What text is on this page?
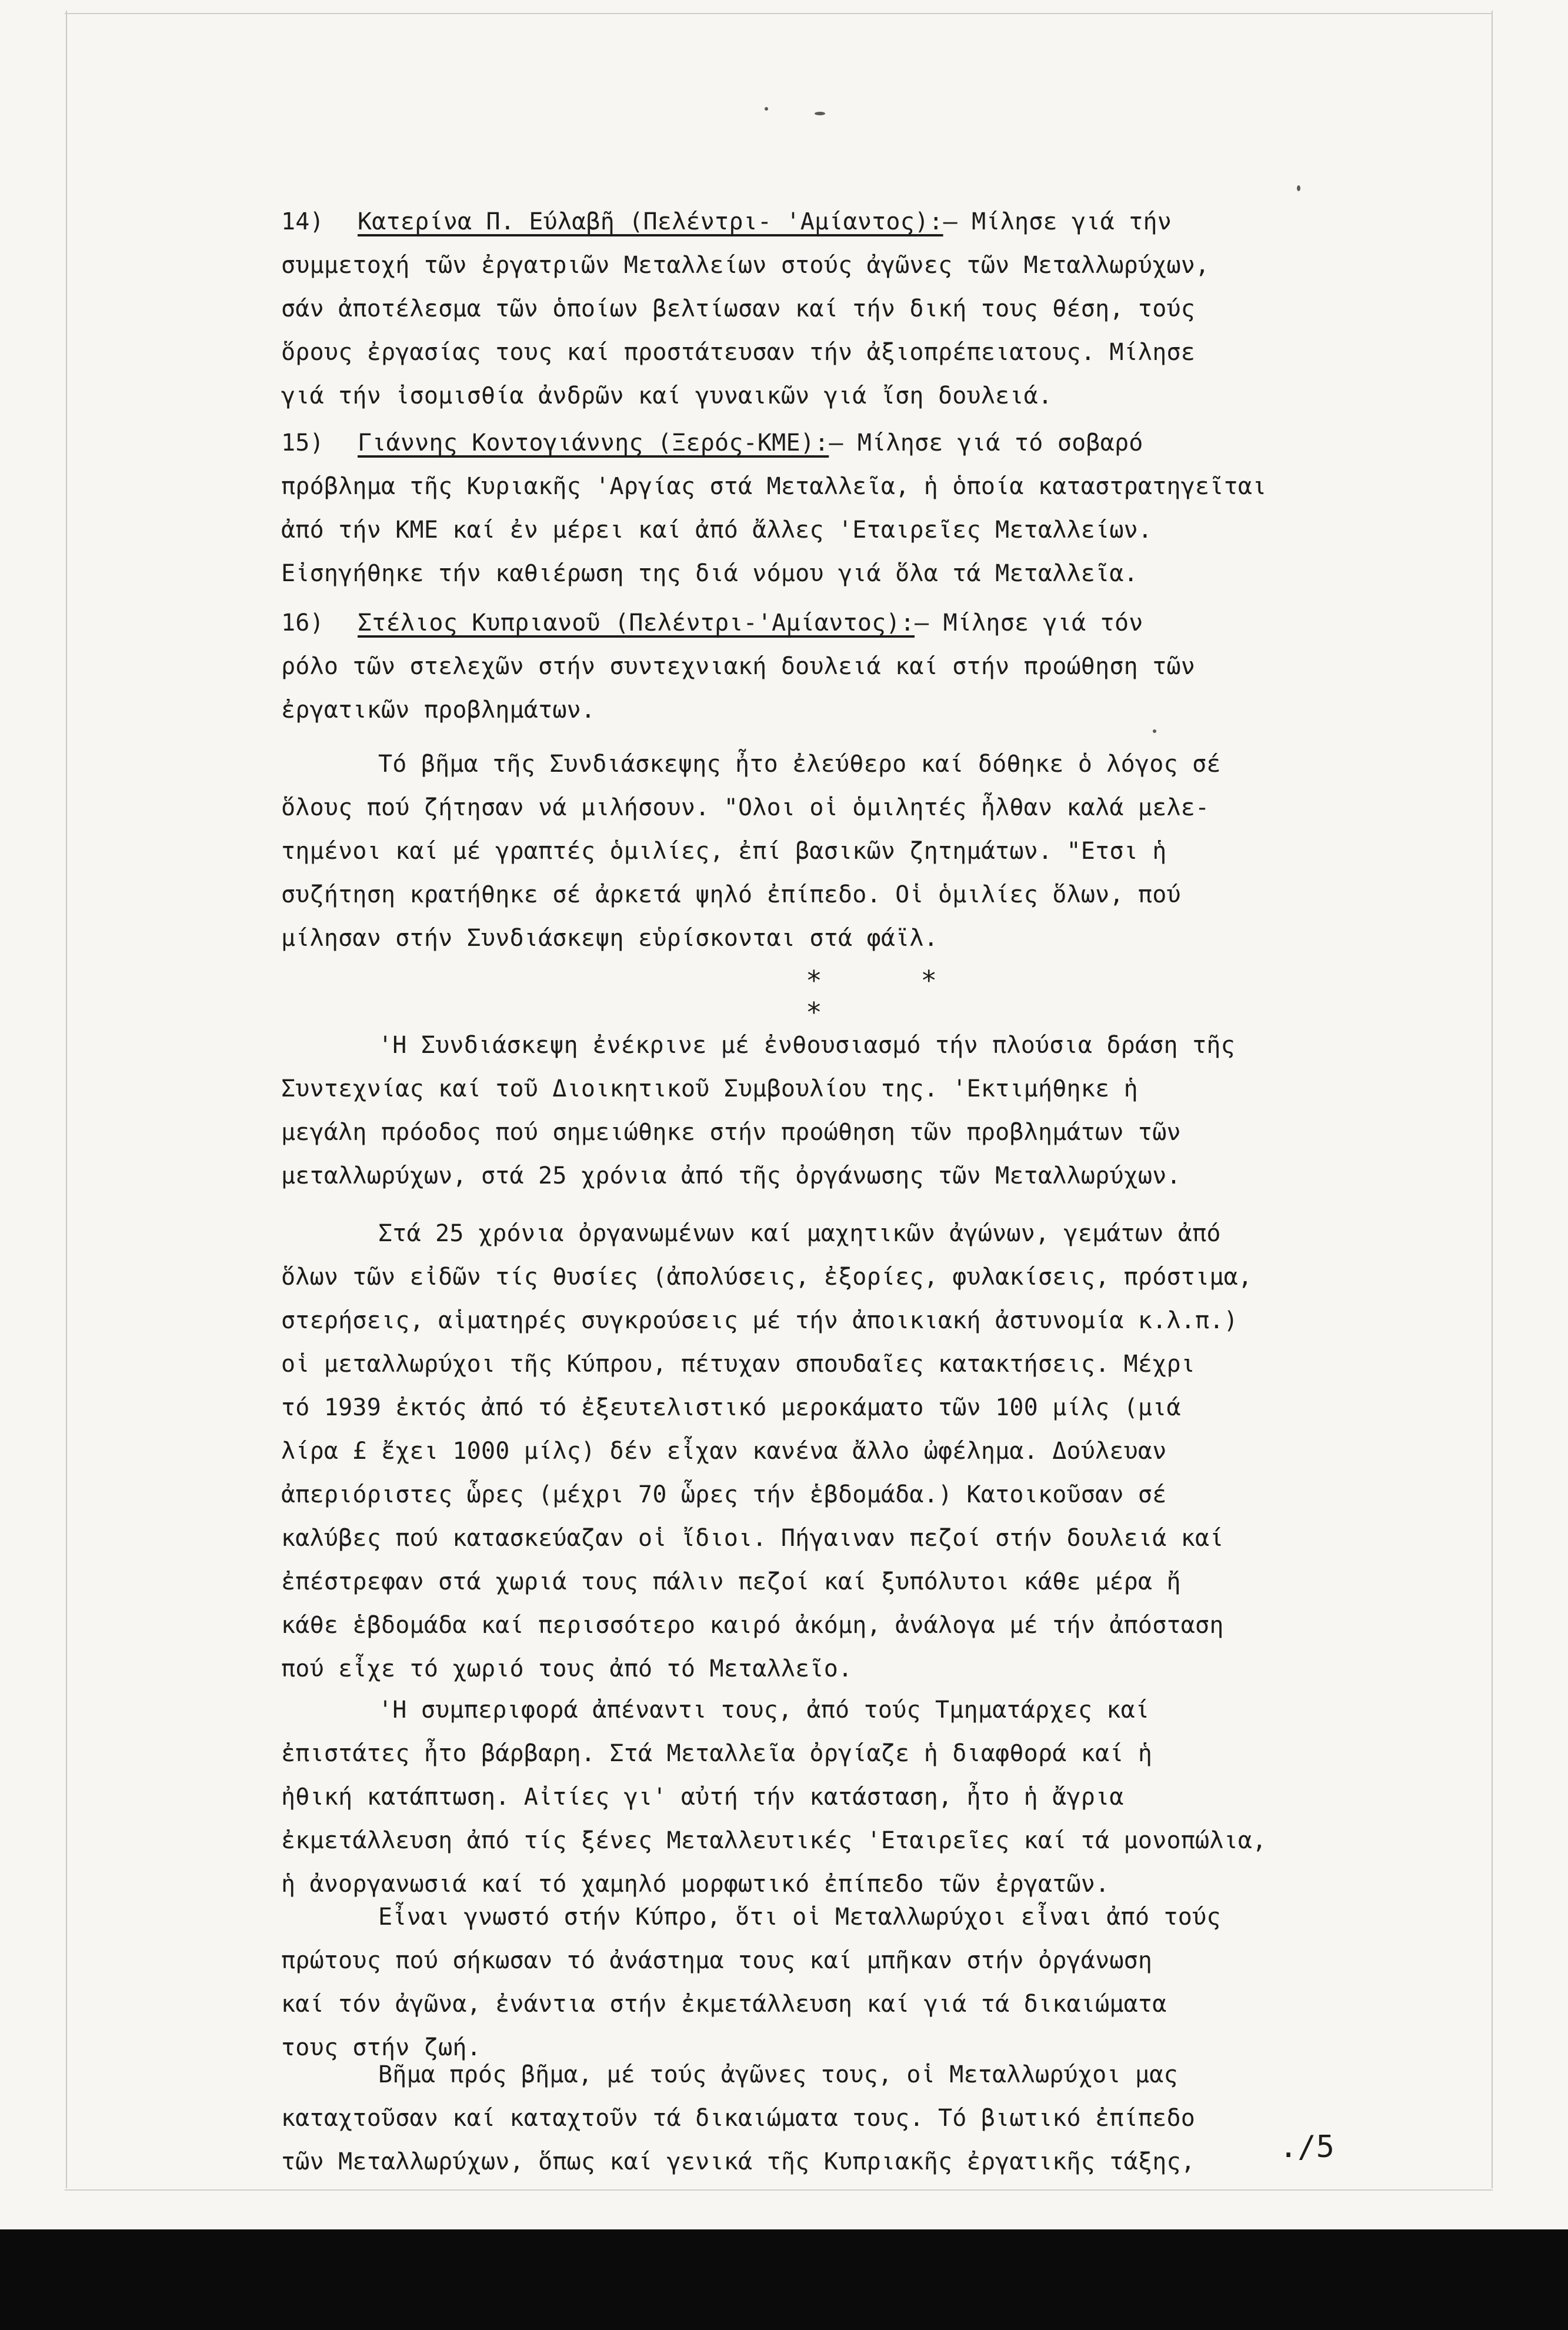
14) Κατερίνα Π. Εύλαβῆ (Πελέντρι- 'Αμίαντος):– Μίλησε γιά τήν
συμμετοχή τῶν ἐργατριῶν Μεταλλείων στούς ἀγῶνες τῶν Μεταλλωρύχων,
σάν ἀποτέλεσμα τῶν ὁποίων βελτίωσαν καί τήν δική τους θέση, τούς
ὅρους ἐργασίας τους καί προστάτευσαν τήν ἀξιοπρέπειατους. Μίλησε
γιά τήν ἰσομισθία ἀνδρῶν καί γυναικῶν γιά ἴση δουλειά.

15) Γιάννης Κοντογιάννης (Ξερός-ΚΜΕ):– Μίλησε γιά τό σοβαρό
πρόβλημα τῆς Κυριακῆς 'Αργίας στά Μεταλλεῖα, ἡ ὁποία καταστρατηγεῖται
ἀπό τήν ΚΜΕ καί ἐν μέρει καί ἀπό ἄλλες 'Εταιρεῖες Μεταλλείων.
Εἰσηγήθηκε τήν καθιέρωση της διά νόμου γιά ὅλα τά Μεταλλεῖα.

16) Στέλιος Κυπριανοῦ (Πελέντρι-'Αμίαντος):– Μίλησε γιά τόν
ρόλο τῶν στελεχῶν στήν συντεχνιακή δουλειά καί στήν προώθηση τῶν
ἐργατικῶν προβλημάτων.

Τό βῆμα τῆς Συνδιάσκεψης ἦτο ἐλεύθερο καί δόθηκε ὁ λόγος σέ
ὅλους πού ζήτησαν νά μιλήσουν. "Ολοι οἱ ὁμιλητές ἦλθαν καλά μελε-
τημένοι καί μέ γραπτές ὁμιλίες, ἐπί βασικῶν ζητημάτων. "Ετσι ἡ
συζήτηση κρατήθηκε σέ ἀρκετά ψηλό ἐπίπεδο. Οἱ ὁμιλίες ὅλων, πού
μίλησαν στήν Συνδιάσκεψη εὑρίσκονται στά φάϊλ.

* * *

'Η Συνδιάσκεψη ἐνέκρινε μέ ἐνθουσιασμό τήν πλούσια δράση τῆς
Συντεχνίας καί τοῦ Διοικητικοῦ Συμβουλίου της. 'Εκτιμήθηκε ἡ
μεγάλη πρόοδος πού σημειώθηκε στήν προώθηση τῶν προβλημάτων τῶν
μεταλλωρύχων, στά 25 χρόνια ἀπό τῆς ὀργάνωσης τῶν Μεταλλωρύχων.

Στά 25 χρόνια ὀργανωμένων καί μαχητικῶν ἀγώνων, γεμάτων ἀπό
ὅλων τῶν εἰδῶν τίς θυσίες (ἀπολύσεις, ἐξορίες, φυλακίσεις, πρόστιμα,
στερήσεις, αἱματηρές συγκρούσεις μέ τήν ἀποικιακή ἀστυνομία κ.λ.π.)
οἱ μεταλλωρύχοι τῆς Κύπρου, πέτυχαν σπουδαῖες κατακτήσεις. Μέχρι
τό 1939 ἐκτός ἀπό τό ἐξευτελιστικό μεροκάματο τῶν 100 μίλς (μιά
λίρα £ ἔχει 1000 μίλς) δέν εἶχαν κανένα ἄλλο ὠφέλημα. Δούλευαν
ἀπεριόριστες ὧρες (μέχρι 70 ὧρες τήν ἑβδομάδα.) Κατοικοῦσαν σέ
καλύβες πού κατασκεύαζαν οἱ ἴδιοι. Πήγαιναν πεζοί στήν δουλειά καί
ἐπέστρεφαν στά χωριά τους πάλιν πεζοί καί ξυπόλυτοι κάθε μέρα ἤ
κάθε ἑβδομάδα καί περισσότερο καιρό ἀκόμη, ἀνάλογα μέ τήν ἀπόσταση
πού εἶχε τό χωριό τους ἀπό τό Μεταλλεῖο.

'Η συμπεριφορά ἀπέναντι τους, ἀπό τούς Τμηματάρχες καί
ἐπιστάτες ἦτο βάρβαρη. Στά Μεταλλεῖα ὀργίαζε ἡ διαφθορά καί ἡ
ἠθική κατάπτωση. Αἰτίες γι' αὐτή τήν κατάσταση, ἦτο ἡ ἄγρια
ἐκμετάλλευση ἀπό τίς ξένες Μεταλλευτικές 'Εταιρεῖες καί τά μονοπώλια,
ἡ ἀνοργανωσιά καί τό χαμηλό μορφωτικό ἐπίπεδο τῶν ἐργατῶν.

Εἶναι γνωστό στήν Κύπρο, ὅτι οἱ Μεταλλωρύχοι εἶναι ἀπό τούς
πρώτους πού σήκωσαν τό ἀνάστημα τους καί μπῆκαν στήν ὀργάνωση
καί τόν ἀγῶνα, ἐνάντια στήν ἐκμετάλλευση καί γιά τά δικαιώματα
τους στήν ζωή.

Βῆμα πρός βῆμα, μέ τούς ἀγῶνες τους, οἱ Μεταλλωρύχοι μας
καταχτοῦσαν καί καταχτοῦν τά δικαιώματα τους. Τό βιωτικό ἐπίπεδο
τῶν Μεταλλωρύχων, ὅπως καί γενικά τῆς Κυπριακῆς ἐργατικῆς τάξης,	./5
